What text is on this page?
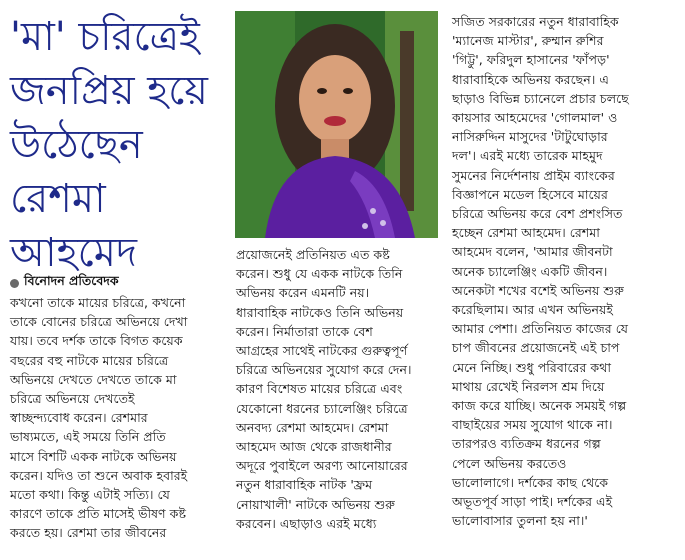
'মা' চরিত্রেই
জনপ্রিয় হয়ে
উঠেছেন
রেশমা
আহমেদ
বিনোদন প্রতিবেদক
কখনো তাকে মায়ের চরিত্রে, কখনো
তাকে বোনের চরিত্রে অভিনয়ে দেখা
যায়। তবে দর্শক তাকে বিগত কয়েক
বছরের বহু নাটকে মায়ের চরিত্রে
অভিনয়ে দেখতে দেখতে তাকে মা
চরিত্রে অভিনয়ে দেখতেই
স্বাচ্ছন্দ্যবোধ করেন। রেশমার
ভাষ্যমতে, এই সময়ে তিনি প্রতি
মাসে বিশটি একক নাটকে অভিনয়
করেন। যদিও তা শুনে অবাক হবারই
মতো কথা। কিন্তু এটাই সত্যি। যে
কারণে তাকে প্রতি মাসেই ভীষণ কষ্ট
করতে হয়। রেশমা তার জীবনের
প্রয়োজনেই প্রতিনিয়ত এত কষ্ট
করেন। শুধু যে একক নাটকে তিনি
অভিনয় করেন এমনটি নয়।
ধারাবাহিক নাটকেও তিনি অভিনয়
করেন। নির্মাতারা তাকে বেশ
আগ্রহের সাথেই নাটকের গুরুত্বপূর্ণ
চরিত্রে অভিনয়ের সুযোগ করে দেন।
কারণ বিশেষত মায়ের চরিত্রে এবং
যেকোনো ধরনের চ্যালেঞ্জিং চরিত্রে
অনবদ্য রেশমা আহমেদ। রেশমা
আহমেদ আজ থেকে রাজধানীর
অদূরে পুবাইলে অরণ্য আনোয়ারের
নতুন ধারাবাহিক নাটক 'ফ্রম
নোয়াখালী' নাটকে অভিনয় শুরু
করবেন। এছাড়াও এরই মধ্যে
সজিত সরকারের নতুন ধারাবাহিক
'ম্যানেজ মাস্টার', রুম্মান রুশির
'গিট্টু', ফরিদুল হাসানের 'ফাঁপড়'
ধারাবাহিকে অভিনয় করছেন। এ
ছাড়াও বিভিন্ন চ্যানেলে প্রচার চলছে
কায়সার আহমেদের 'গোলমাল' ও
নাসিরুদ্দিন মাসুদের 'টাটুঘোড়ার
দল'। এরই মধ্যে তারেক মাহমুদ
সুমনের নির্দেশনায় প্রাইম ব্যাংকের
বিজ্ঞাপনে মডেল হিসেবে মায়ের
চরিত্রে অভিনয় করে বেশ প্রশংসিত
হচ্ছেন রেশমা আহমেদ। রেশমা
আহমেদ বলেন, 'আমার জীবনটা
অনেক চ্যালেঞ্জিং একটি জীবন।
অনেকটা শখের বশেই অভিনয় শুরু
করেছিলাম। আর এখন অভিনয়ই
আমার পেশা। প্রতিনিয়ত কাজের যে
চাপ জীবনের প্রয়োজনেই এই চাপ
মেনে নিচ্ছি। শুধু পরিবারের কথা
মাথায় রেখেই নিরলস শ্রম দিয়ে
কাজ করে যাচ্ছি। অনেক সময়ই গল্প
বাছাইয়ের সময় সুযোগ থাকে না।
তারপরও ব্যতিক্রম ধরনের গল্প
পেলে অভিনয় করতেও
ভালোলাগে। দর্শকের কাছ থেকে
অভূতপূর্ব সাড়া পাই। দর্শকের এই
ভালোবাসার তুলনা হয় না।'
